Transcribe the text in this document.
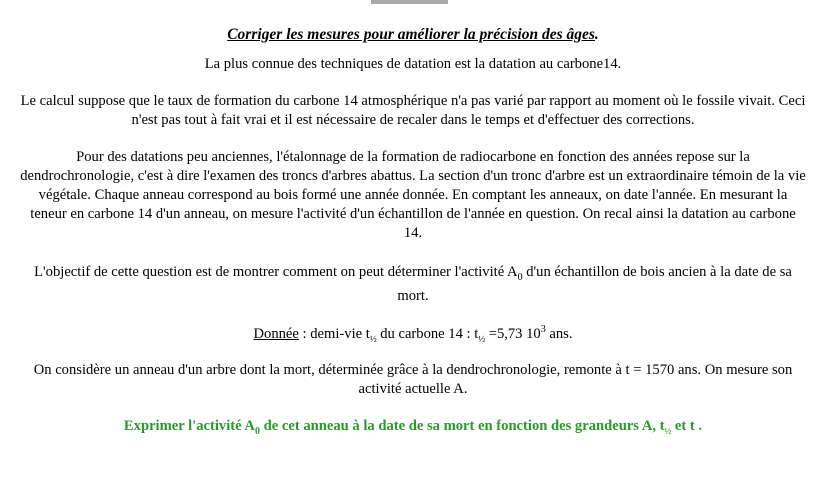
Corriger les mesures pour améliorer la précision des âges.

La plus connue des techniques de datation est la datation au carbone14.

Le calcul suppose que le taux de formation du carbone 14 atmosphérique n'a pas varié par rapport au moment où le fossile vivait. Ceci n'est pas tout à fait vrai et il est nécessaire de recaler dans le temps et d'effectuer des corrections.

Pour des datations peu anciennes, l'étalonnage de la formation de radiocarbone en fonction des années repose sur la dendrochronologie, c'est à dire l'examen des troncs d'arbres abattus. La section d'un tronc d'arbre est un extraordinaire témoin de la vie végétale. Chaque anneau correspond au bois formé une année donnée. En comptant les anneaux, on date l'année. En mesurant la teneur en carbone 14 d'un anneau, on mesure l'activité d'un échantillon de l'année en question. On recal ainsi la datation au carbone 14.

L'objectif de cette question est de montrer comment on peut déterminer l'activité $A_0$ d'un échantillon de bois ancien à la date de sa mort.

Donnée : demi-vie $t_{\frac{1}{2}}$ du carbone 14 : $t_{\frac{1}{2}} =5,73$ $10^3$ ans.

On considère un anneau d'un arbre dont la mort, déterminée grâce à la dendrochronologie, remonte à t = 1570 ans. On mesure son activité actuelle A.

Exprimer l'activité $A_0$ de cet anneau à la date de sa mort en fonction des grandeurs A, $t_{\frac{1}{2}}$ et t .
